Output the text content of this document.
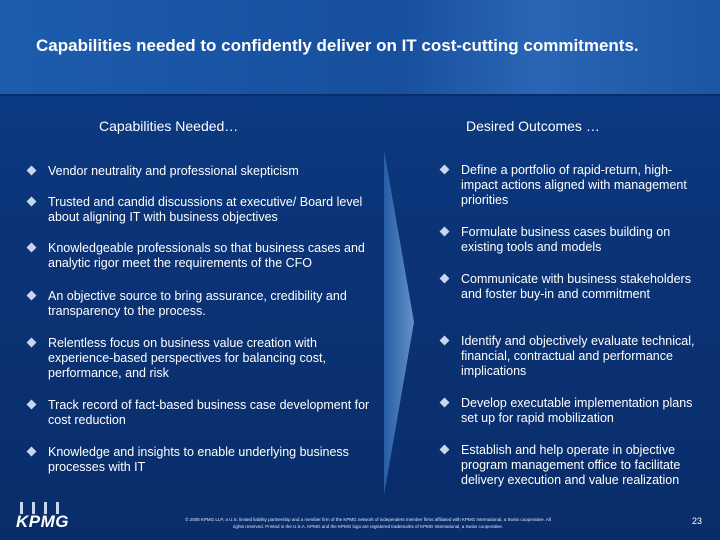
Capabilities needed to confidently deliver on IT cost-cutting commitments.
Capabilities Needed…	Desired Outcomes …
Vendor neutrality and professional skepticism
Trusted and candid discussions at executive/ Board level about aligning IT with business objectives
Knowledgeable professionals so that business cases and analytic rigor meet the requirements of the CFO
An objective source to bring assurance, credibility and transparency to the process.
Relentless focus on business value creation with experience-based perspectives for balancing cost, performance, and risk
Track record of fact-based business case development for cost reduction
Knowledge and insights to enable underlying business processes with IT
Define a portfolio of rapid-return, high-impact actions aligned with management priorities
Formulate business cases building on existing tools and models
Communicate with business stakeholders and foster buy-in and commitment
Identify and objectively evaluate technical, financial, contractual and performance implications
Develop executable implementation plans set up for rapid mobilization
Establish and help operate in objective program management office to facilitate delivery execution and value realization
KPMG	© 2008 KPMG LLP, a U.S. limited liability partnership and a member firm of the KPMG network of independent member firms affiliated with KPMG International, a Swiss cooperative. All
rights reserved. Printed in the U.S.A. KPMG and the KPMG logo are registered trademarks of KPMG International, a Swiss cooperative.
23
